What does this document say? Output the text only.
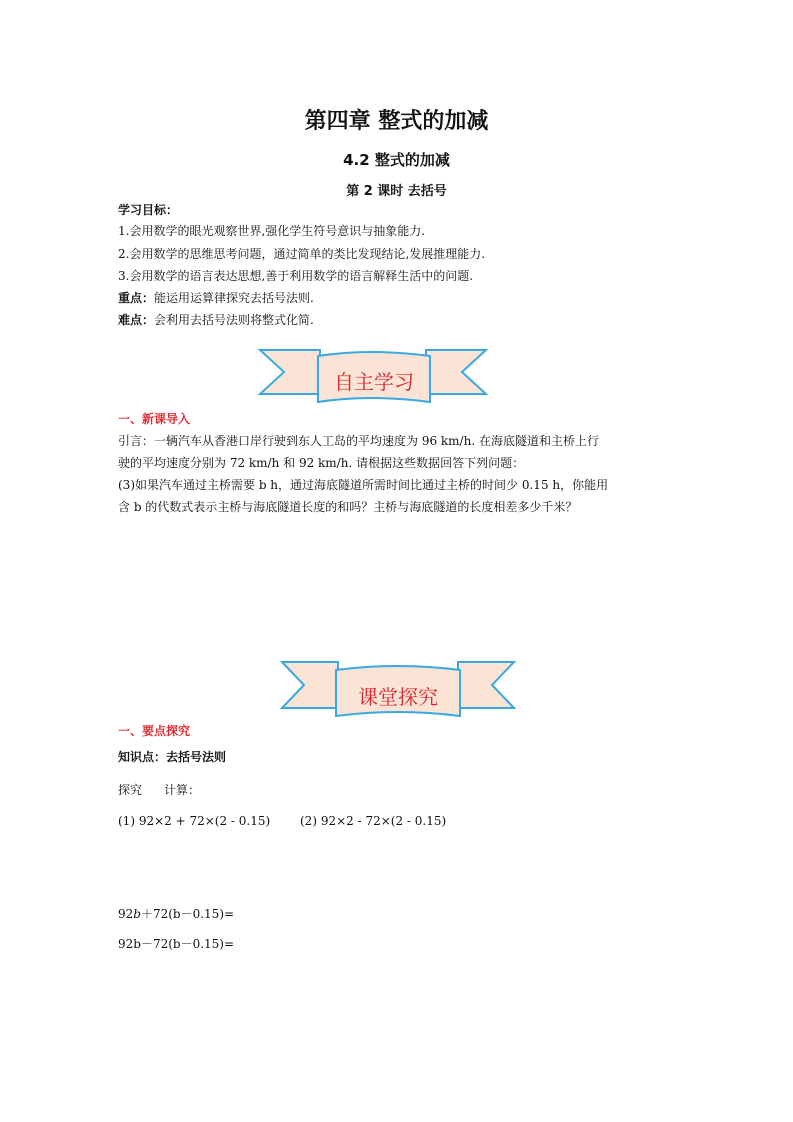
第四章 整式的加减
4.2 整式的加减
第 2 课时 去括号
学习目标：
1.会用数学的眼光观察世界,强化学生符号意识与抽象能力.
2.会用数学的思维思考问题，通过简单的类比发现结论,发展推理能力.
3.会用数学的语言表达思想,善于利用数学的语言解释生活中的问题.
重点：能运用运算律探究去括号法则.
难点：会利用去括号法则将整式化简.
自主学习
一、新课导入
引言：一辆汽车从香港口岸行驶到东人工岛的平均速度为 96 km/h. 在海底隧道和主桥上行
驶的平均速度分别为 72 km/h 和 92 km/h. 请根据这些数据回答下列问题：
(3)如果汽车通过主桥需要 b h，通过海底隧道所需时间比通过主桥的时间少 0.15 h，你能用
含 b 的代数式表示主桥与海底隧道长度的和吗？主桥与海底隧道的长度相差多少千米？
课堂探究
一、要点探究
知识点：去括号法则
探究 计算：
(1) 92×2 + 72×(2 - 0.15) (2) 92×2 - 72×(2 - 0.15)
92b＋72(b－0.15)=
92b－72(b－0.15)=
